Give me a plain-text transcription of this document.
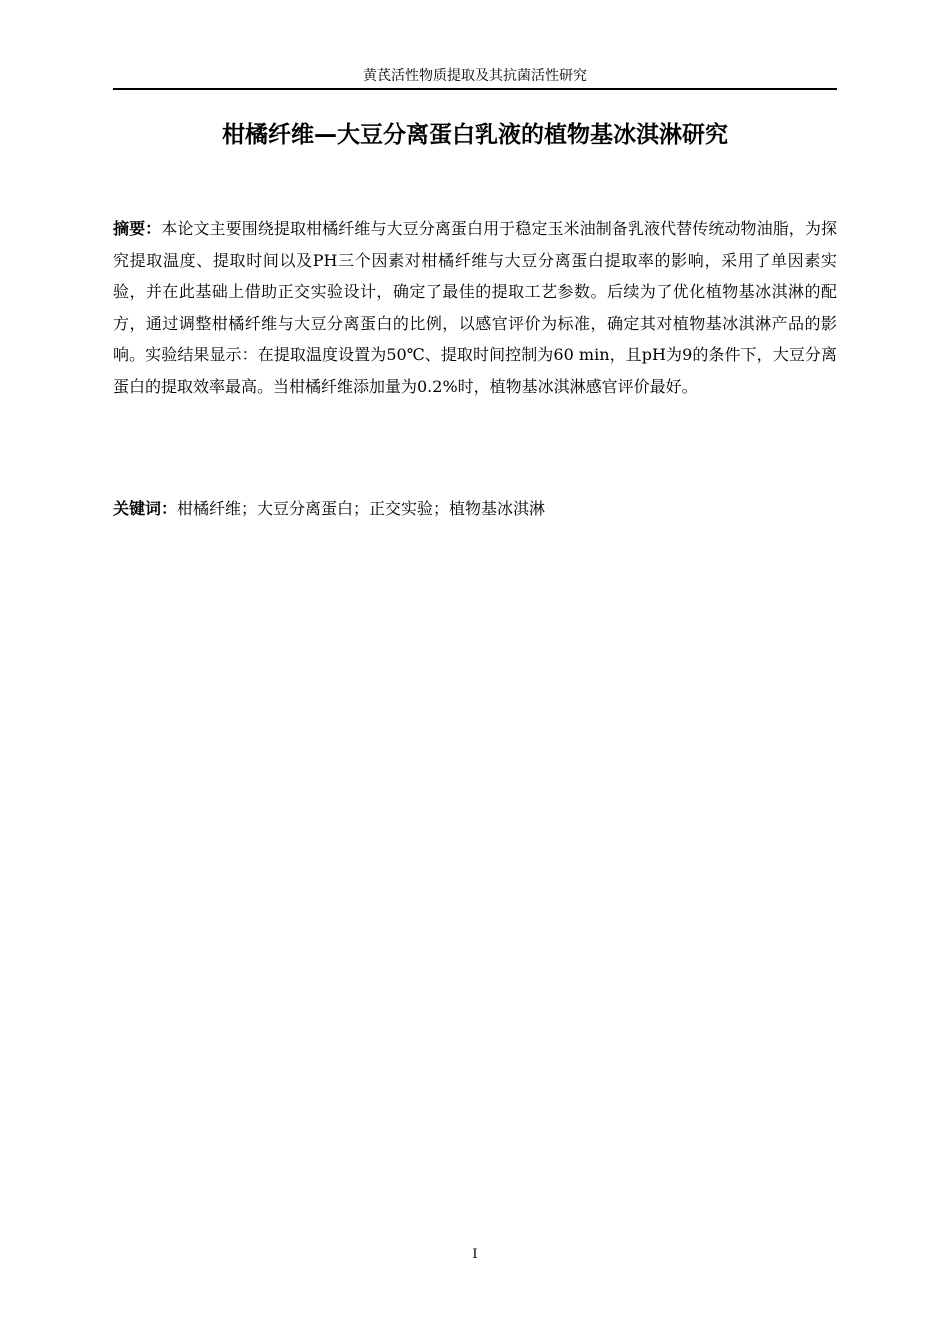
黄芪活性物质提取及其抗菌活性研究
柑橘纤维—大豆分离蛋白乳液的植物基冰淇淋研究

摘要：本论文主要围绕提取柑橘纤维与大豆分离蛋白用于稳定玉米油制备乳液代替传统动物油脂，为探究提取温度、提取时间以及PH三个因素对柑橘纤维与大豆分离蛋白提取率的影响，采用了单因素实验，并在此基础上借助正交实验设计，确定了最佳的提取工艺参数。后续为了优化植物基冰淇淋的配方，通过调整柑橘纤维与大豆分离蛋白的比例，以感官评价为标准，确定其对植物基冰淇淋产品的影响。实验结果显示：在提取温度设置为50℃、提取时间控制为60 min，且pH为9的条件下，大豆分离蛋白的提取效率最高。当柑橘纤维添加量为0.2%时，植物基冰淇淋感官评价最好。

关键词：柑橘纤维；大豆分离蛋白；正交实验；植物基冰淇淋

I
